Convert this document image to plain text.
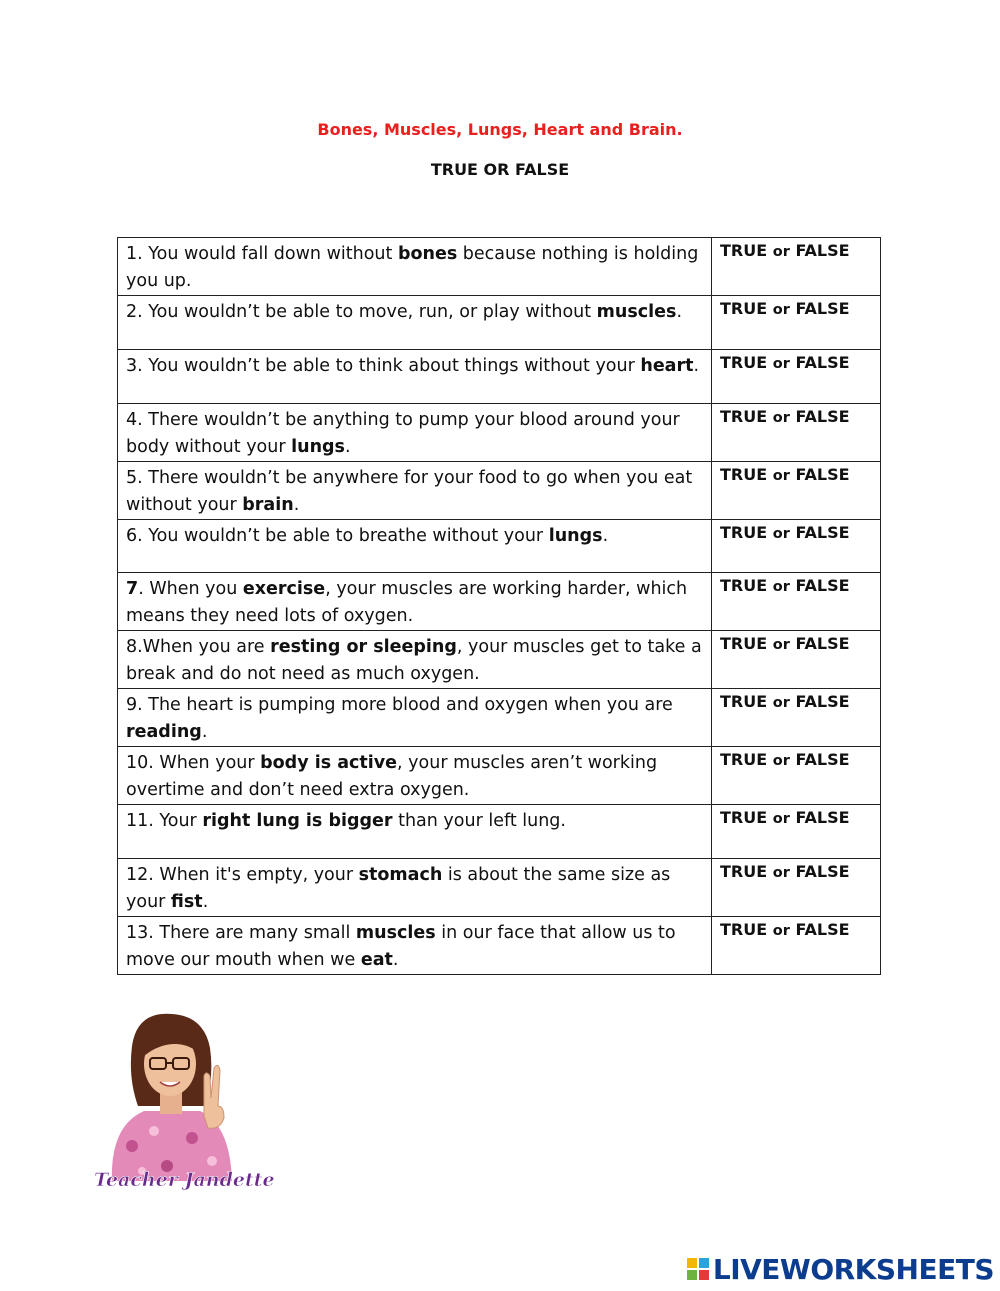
Bones, Muscles, Lungs, Heart and Brain.
TRUE OR FALSE
1. You would fall down without bones because nothing is holding you up.	TRUE or FALSE
2. You wouldn’t be able to move, run, or play without muscles.	TRUE or FALSE
3. You wouldn’t be able to think about things without your heart.	TRUE or FALSE
4. There wouldn’t be anything to pump your blood around your body without your lungs.	TRUE or FALSE
5. There wouldn’t be anywhere for your food to go when you eat without your brain.	TRUE or FALSE
6. You wouldn’t be able to breathe without your lungs.	TRUE or FALSE
7. When you exercise, your muscles are working harder, which means they need lots of oxygen.	TRUE or FALSE
8.When you are resting or sleeping, your muscles get to take a break and do not need as much oxygen.	TRUE or FALSE
9. The heart is pumping more blood and oxygen when you are reading.	TRUE or FALSE
10. When your body is active, your muscles aren’t working overtime and don’t need extra oxygen.	TRUE or FALSE
11. Your right lung is bigger than your left lung.	TRUE or FALSE
12. When it's empty, your stomach is about the same size as your fist.	TRUE or FALSE
13. There are many small muscles in our face that allow us to move our mouth when we eat.	TRUE or FALSE
Teacher Jandette
LIVEWORKSHEETS
